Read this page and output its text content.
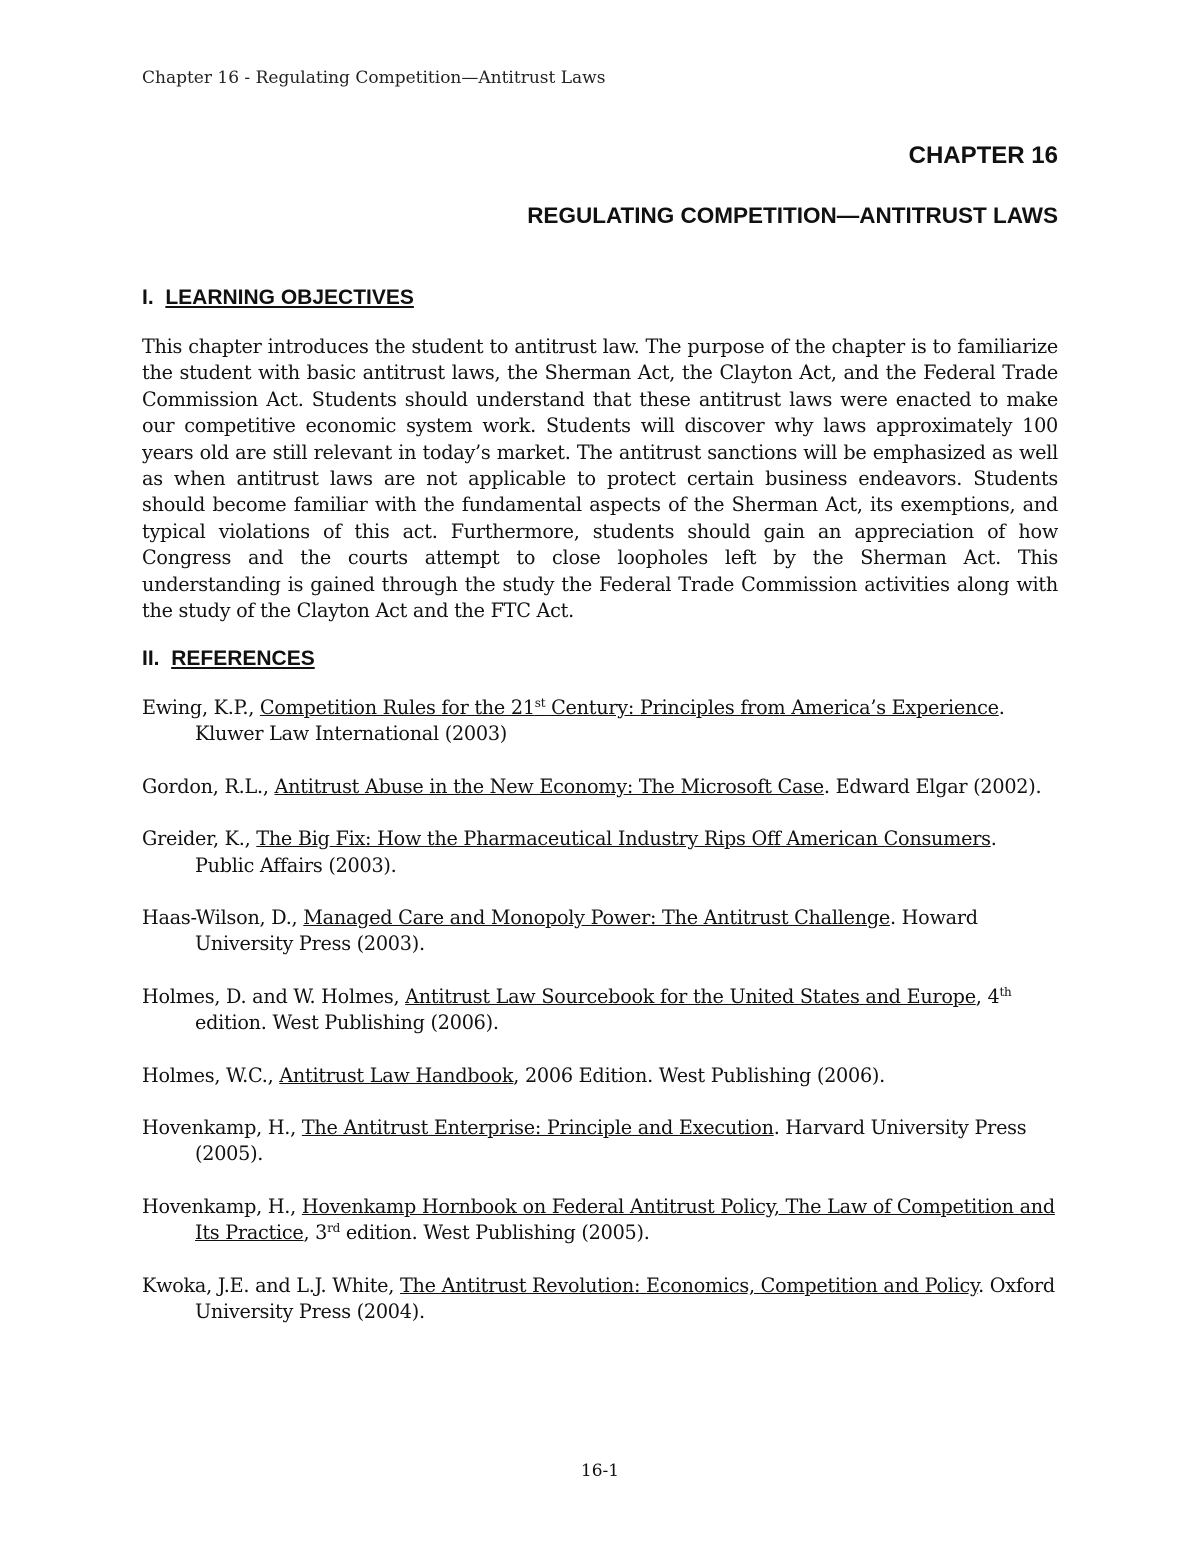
Chapter 16 - Regulating Competition—Antitrust Laws
CHAPTER 16
REGULATING COMPETITION—ANTITRUST LAWS
I. LEARNING OBJECTIVES

This chapter introduces the student to antitrust law. The purpose of the chapter is to familiarize the student with basic antitrust laws, the Sherman Act, the Clayton Act, and the Federal Trade Commission Act. Students should understand that these antitrust laws were enacted to make our competitive economic system work. Students will discover why laws approximately 100 years old are still relevant in today’s market. The antitrust sanctions will be emphasized as well as when antitrust laws are not applicable to protect certain business endeavors. Students should become familiar with the fundamental aspects of the Sherman Act, its exemptions, and typical violations of this act. Furthermore, students should gain an appreciation of how Congress and the courts attempt to close loopholes left by the Sherman Act. This understanding is gained through the study the Federal Trade Commission activities along with the study of the Clayton Act and the FTC Act.

II. REFERENCES
Ewing, K.P., Competition Rules for the 21st Century: Principles from America’s Experience. Kluwer Law International (2003)
Gordon, R.L., Antitrust Abuse in the New Economy: The Microsoft Case. Edward Elgar (2002).
Greider, K., The Big Fix: How the Pharmaceutical Industry Rips Off American Consumers. Public Affairs (2003).
Haas-Wilson, D., Managed Care and Monopoly Power: The Antitrust Challenge. Howard University Press (2003).
Holmes, D. and W. Holmes, Antitrust Law Sourcebook for the United States and Europe, 4th edition. West Publishing (2006).
Holmes, W.C., Antitrust Law Handbook, 2006 Edition. West Publishing (2006).
Hovenkamp, H., The Antitrust Enterprise: Principle and Execution. Harvard University Press (2005).
Hovenkamp, H., Hovenkamp Hornbook on Federal Antitrust Policy, The Law of Competition and Its Practice, 3rd edition. West Publishing (2005).
Kwoka, J.E. and L.J. White, The Antitrust Revolution: Economics, Competition and Policy. Oxford University Press (2004).
16-1
